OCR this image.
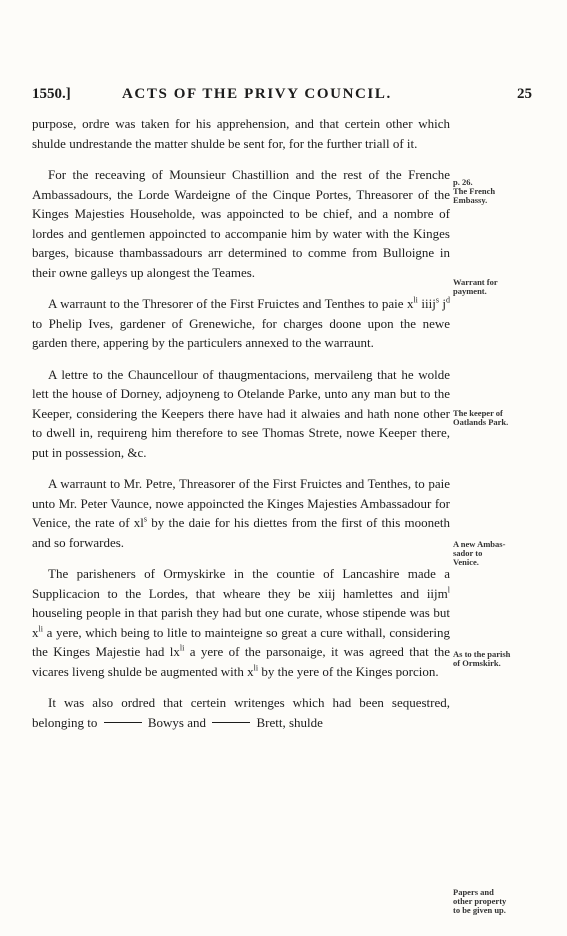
1550.]	ACTS OF THE PRIVY COUNCIL.	25

purpose, ordre was taken for his apprehension, and that certein other which shulde undrestande the matter shulde be sent for, for the further triall of it.

For the receaving of Mounsieur Chastillion and the rest of the Frenche Ambassadours, the Lorde Wardeigne of the Cinque Portes, Threasorer of the Kinges Majesties Householde, was appoincted to be chief, and a nombre of lordes and gentlemen appoincted to accompanie him by water with the Kinges barges, bicause thambassadours arr determined to comme from Bulloigne in their owne galleys up alongest the Teames.

A warraunt to the Thresorer of the First Fruictes and Tenthes to paie $x^{li}$ iiij$^s$ $j^d$ to Phelip Ives, gardener of Grenewiche, for charges doone upon the newe garden there, appering by the particulers annexed to the warraunt.

A lettre to the Chauncellour of thaugmentacions, mervaileng that he wolde lett the house of Dorney, adjoyneng to Otelande Parke, unto any man but to the Keeper, considering the Keepers there have had it alwaies and hath none other to dwell in, requireng him therefore to see Thomas Strete, nowe Keeper there, put in possession, &c.

A warraunt to Mr. Petre, Threasorer of the First Fruictes and Tenthes, to paie unto Mr. Peter Vaunce, nowe appoincted the Kinges Majesties Ambassadour for Venice, the rate of $xl^s$ by the daie for his diettes from the first of this mooneth and so forwardes.

The parisheners of Ormyskirke in the countie of Lancashire made a Supplicacion to the Lordes, that wheare they be xiij hamlettes and iijm$^l$ houseling people in that parish they had but one curate, whose stipende was but $x^{li}$ a yere, which being to litle to mainteigne so great a cure withall, considering the Kinges Majestie had $lx^{li}$ a yere of the parsonaige, it was agreed that the vicares liveng shulde be augmented with $x^{li}$ by the yere of the Kinges porcion.

It was also ordred that certein writenges which had been sequestred, belonging to	Bowys and	Brett, shulde

p. 26.
The French
Embassy.
Warrant for
payment.
The keeper of
Oatlands Park.
A new Ambas-
sador to
Venice.
As to the parish
of Ormskirk.
Papers and
other property
to be given up.
